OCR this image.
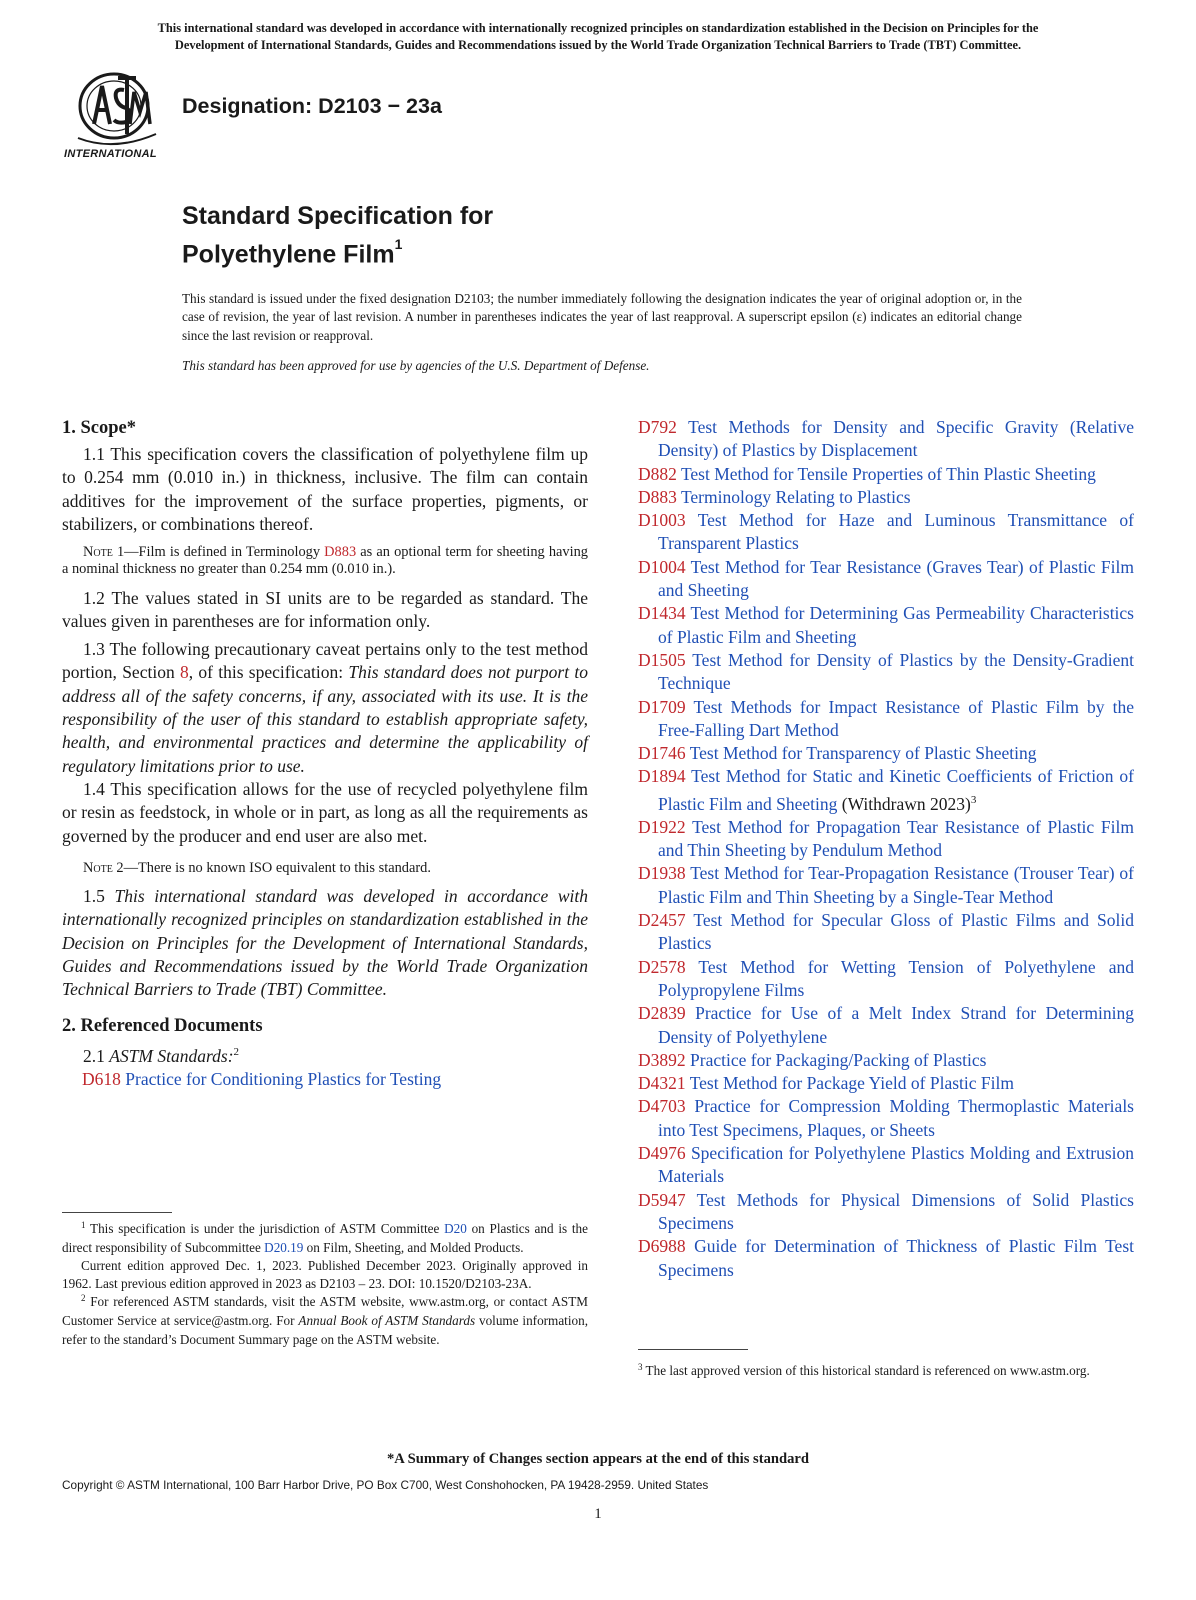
This international standard was developed in accordance with internationally recognized principles on standardization established in the Decision on Principles for the
Development of International Standards, Guides and Recommendations issued by the World Trade Organization Technical Barriers to Trade (TBT) Committee.
INTERNATIONAL
Designation: D2103 − 23a
Standard Specification for
Polyethylene Film$^1$

This standard is issued under the fixed designation D2103; the number immediately following the designation indicates the year of original adoption or, in the case of revision, the year of last revision. A number in parentheses indicates the year of last reapproval. A superscript epsilon (ε) indicates an editorial change since the last revision or reapproval.

This standard has been approved for use by agencies of the U.S. Department of Defense.

1. Scope*

1.1 This specification covers the classification of polyethylene film up to 0.254 mm (0.010 in.) in thickness, inclusive. The film can contain additives for the improvement of the surface properties, pigments, or stabilizers, or combinations thereof.

Note 1—Film is defined in Terminology D883 as an optional term for sheeting having a nominal thickness no greater than 0.254 mm (0.010 in.).

1.2 The values stated in SI units are to be regarded as standard. The values given in parentheses are for information only.

1.3 The following precautionary caveat pertains only to the test method portion, Section 8, of this specification: This standard does not purport to address all of the safety concerns, if any, associated with its use. It is the responsibility of the user of this standard to establish appropriate safety, health, and environmental practices and determine the applicability of regulatory limitations prior to use.

1.4 This specification allows for the use of recycled polyethylene film or resin as feedstock, in whole or in part, as long as all the requirements as governed by the producer and end user are also met.

Note 2—There is no known ISO equivalent to this standard.

1.5 This international standard was developed in accordance with internationally recognized principles on standardization established in the Decision on Principles for the Development of International Standards, Guides and Recommendations issued by the World Trade Organization Technical Barriers to Trade (TBT) Committee.

2. Referenced Documents

2.1 ASTM Standards:$^2$

D618 Practice for Conditioning Plastics for Testing
D792 Test Methods for Density and Specific Gravity (Relative Density) of Plastics by Displacement
D882 Test Method for Tensile Properties of Thin Plastic Sheeting
D883 Terminology Relating to Plastics
D1003 Test Method for Haze and Luminous Transmittance of Transparent Plastics
D1004 Test Method for Tear Resistance (Graves Tear) of Plastic Film and Sheeting
D1434 Test Method for Determining Gas Permeability Characteristics of Plastic Film and Sheeting
D1505 Test Method for Density of Plastics by the Density-Gradient Technique
D1709 Test Methods for Impact Resistance of Plastic Film by the Free-Falling Dart Method
D1746 Test Method for Transparency of Plastic Sheeting
D1894 Test Method for Static and Kinetic Coefficients of Friction of Plastic Film and Sheeting (Withdrawn 2023)$^3$
D1922 Test Method for Propagation Tear Resistance of Plastic Film and Thin Sheeting by Pendulum Method
D1938 Test Method for Tear-Propagation Resistance (Trouser Tear) of Plastic Film and Thin Sheeting by a Single-Tear Method
D2457 Test Method for Specular Gloss of Plastic Films and Solid Plastics
D2578 Test Method for Wetting Tension of Polyethylene and Polypropylene Films
D2839 Practice for Use of a Melt Index Strand for Determining Density of Polyethylene
D3892 Practice for Packaging/Packing of Plastics
D4321 Test Method for Package Yield of Plastic Film
D4703 Practice for Compression Molding Thermoplastic Materials into Test Specimens, Plaques, or Sheets
D4976 Specification for Polyethylene Plastics Molding and Extrusion Materials
D5947 Test Methods for Physical Dimensions of Solid Plastics Specimens
D6988 Guide for Determination of Thickness of Plastic Film Test Specimens

$^1$ This specification is under the jurisdiction of ASTM Committee D20 on Plastics and is the direct responsibility of Subcommittee D20.19 on Film, Sheeting, and Molded Products.

Current edition approved Dec. 1, 2023. Published December 2023. Originally approved in 1962. Last previous edition approved in 2023 as D2103 – 23. DOI: 10.1520/D2103-23A.

$^2$ For referenced ASTM standards, visit the ASTM website, www.astm.org, or contact ASTM Customer Service at service@astm.org. For Annual Book of ASTM Standards volume information, refer to the standard’s Document Summary page on the ASTM website.

$^3$ The last approved version of this historical standard is referenced on www.astm.org.
*A Summary of Changes section appears at the end of this standard
Copyright © ASTM International, 100 Barr Harbor Drive, PO Box C700, West Conshohocken, PA 19428-2959. United States
1
